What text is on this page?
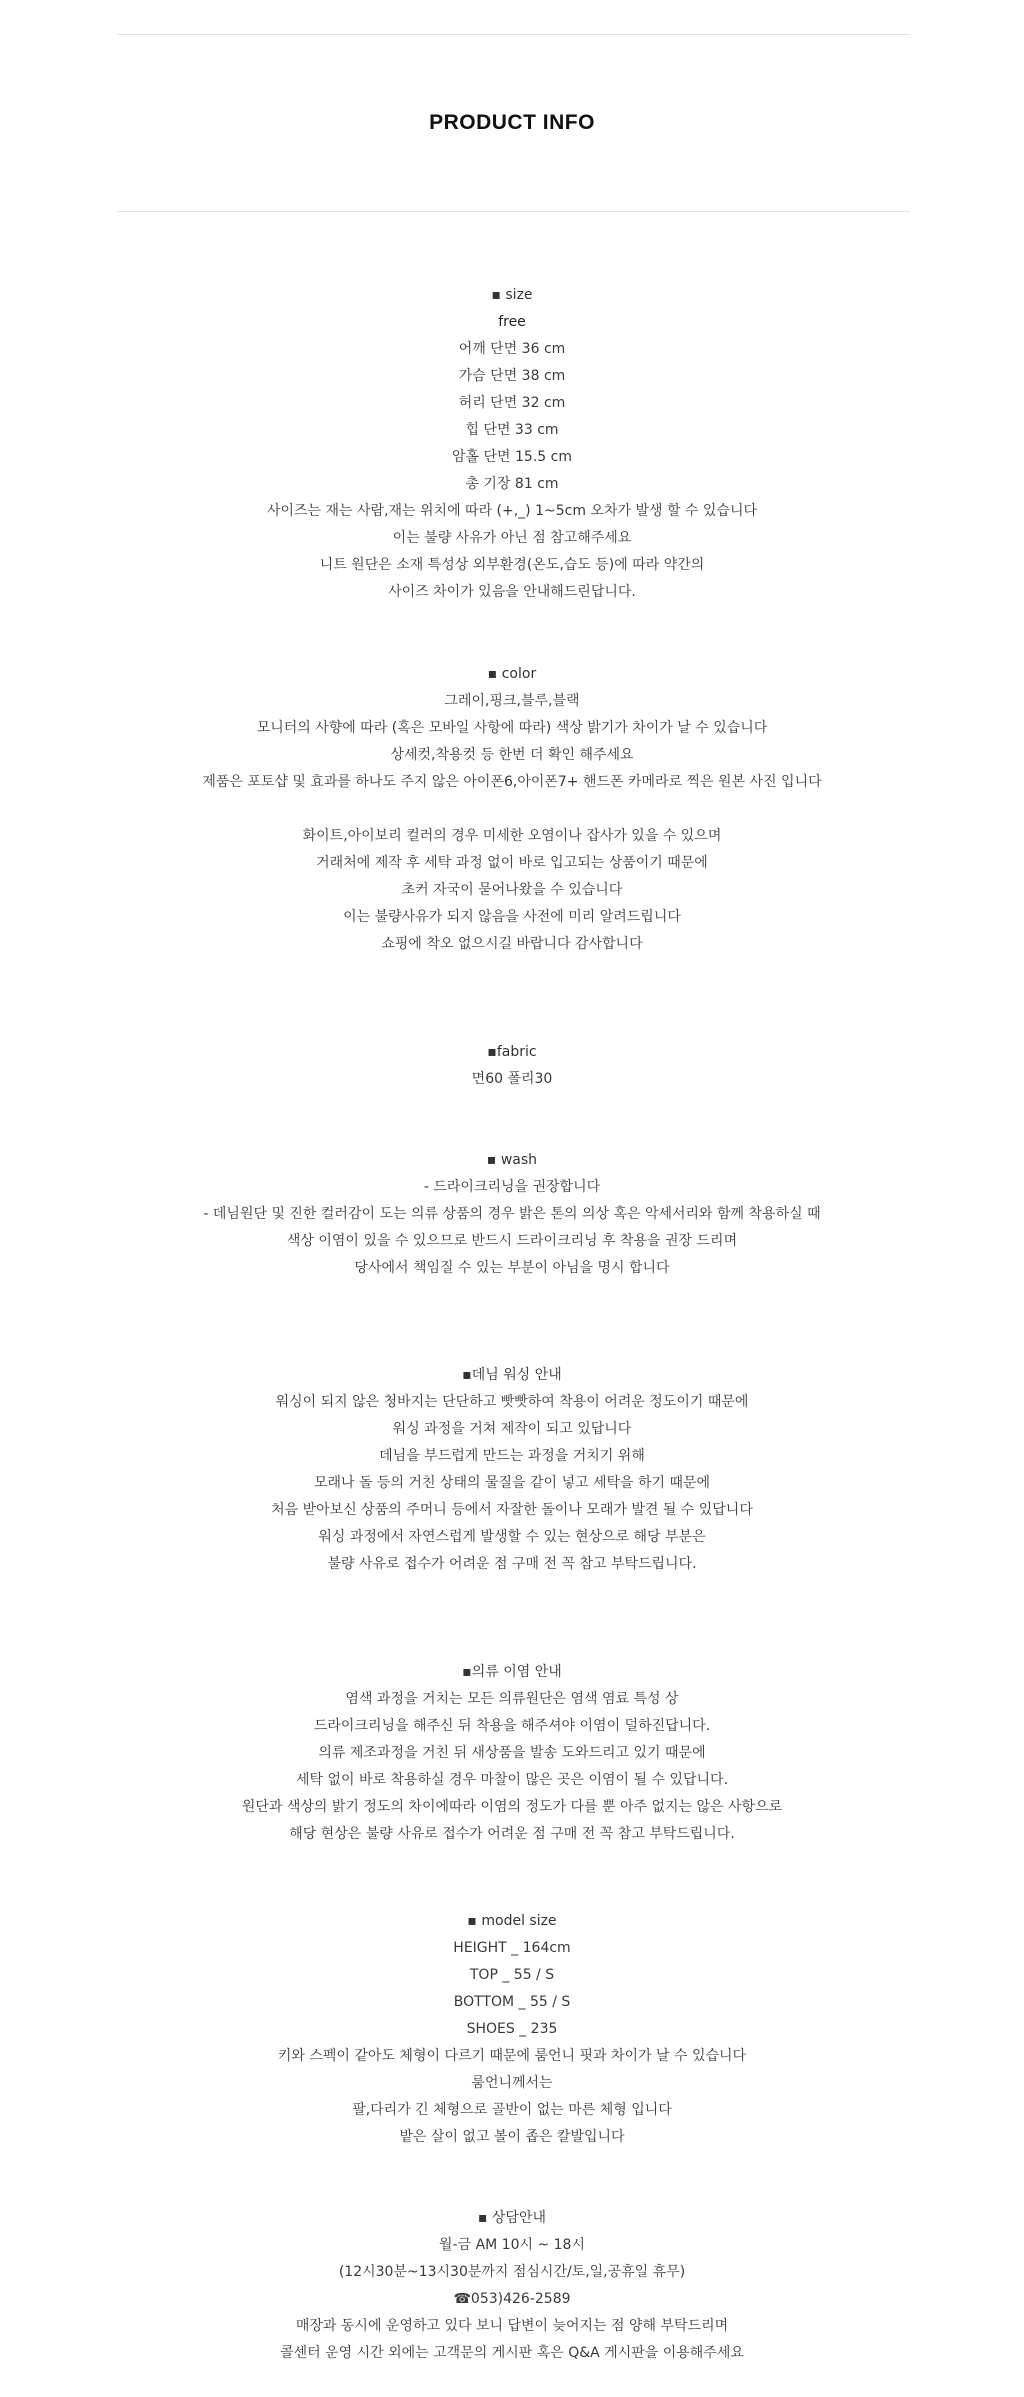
PRODUCT INFO
▪ size
free
어깨 단면 36 cm
가슴 단면 38 cm
허리 단면 32 cm
힙 단면 33 cm
암홀 단면 15.5 cm
총 기장 81 cm
사이즈는 재는 사람,재는 위치에 따라 (+,_) 1~5cm 오차가 발생 할 수 있습니다
이는 불량 사유가 아닌 점 참고해주세요
니트 원단은 소재 특성상 외부환경(온도,습도 등)에 따라 약간의
사이즈 차이가 있음을 안내해드린답니다.
▪ color
그레이,핑크,블루,블랙
모니터의 사향에 따라 (혹은 모바일 사항에 따라) 색상 밝기가 차이가 날 수 있습니다
상세컷,착용컷 등 한번 더 확인 해주세요
제품은 포토샵 및 효과를 하나도 주지 않은 아이폰6,아이폰7+ 핸드폰 카메라로 찍은 원본 사진 입니다
화이트,아이보리 컬러의 경우 미세한 오염이나 잡사가 있을 수 있으며
거래처에 제작 후 세탁 과정 없이 바로 입고되는 상품이기 때문에
초커 자국이 묻어나왔을 수 있습니다
이는 불량사유가 되지 않음을 사전에 미리 알려드립니다
쇼핑에 착오 없으시길 바랍니다 감사합니다
▪fabric
면60 폴리30
▪ wash
- 드라이크리닝을 권장합니다
- 데님원단 및 진한 컬러감이 도는 의류 상품의 경우 밝은 톤의 의상 혹은 악세서리와 함께 착용하실 때
색상 이염이 있을 수 있으므로 반드시 드라이크리닝 후 착용을 권장 드리며
당사에서 책임질 수 있는 부분이 아님을 명시 합니다
▪데님 워싱 안내
워싱이 되지 않은 청바지는 단단하고 빳빳하여 착용이 어려운 정도이기 때문에
워싱 과정을 거쳐 제작이 되고 있답니다
데님을 부드럽게 만드는 과정을 거치기 위해
모래나 돌 등의 거친 상태의 물질을 같이 넣고 세탁을 하기 때문에
처음 받아보신 상품의 주머니 등에서 자잘한 돌이나 모래가 발견 될 수 있답니다
워싱 과정에서 자연스럽게 발생할 수 있는 현상으로 해당 부분은
불량 사유로 접수가 어려운 점 구매 전 꼭 참고 부탁드립니다.
▪의류 이염 안내
염색 과정을 거치는 모든 의류원단은 염색 염료 특성 상
드라이크리닝을 해주신 뒤 착용을 해주셔야 이염이 덜하진답니다.
의류 제조과정을 거친 뒤 새상품을 발송 도와드리고 있기 때문에
세탁 없이 바로 착용하실 경우 마찰이 많은 곳은 이염이 될 수 있답니다.
원단과 색상의 밝기 정도의 차이에따라 이염의 정도가 다를 뿐 아주 없지는 않은 사항으로
해당 현상은 불량 사유로 접수가 어려운 점 구매 전 꼭 참고 부탁드립니다.
▪ model size
HEIGHT _ 164cm
TOP _ 55 / S
BOTTOM _ 55 / S
SHOES _ 235
키와 스펙이 같아도 체형이 다르기 때문에 룸언니 핏과 차이가 날 수 있습니다
룸언니께서는
팔,다리가 긴 체형으로 골반이 없는 마른 체형 입니다
밭은 살이 없고 볼이 좁은 칼발입니다
▪ 상담안내
월-금 AM 10시 ~ 18시
(12시30분~13시30분까지 점심시간/토,일,공휴일 휴무)
☎053)426-2589
매장과 동시에 운영하고 있다 보니 답변이 늦어지는 점 양해 부탁드리며
콜센터 운영 시간 외에는 고객문의 게시판 혹은 Q&A 게시판을 이용해주세요
